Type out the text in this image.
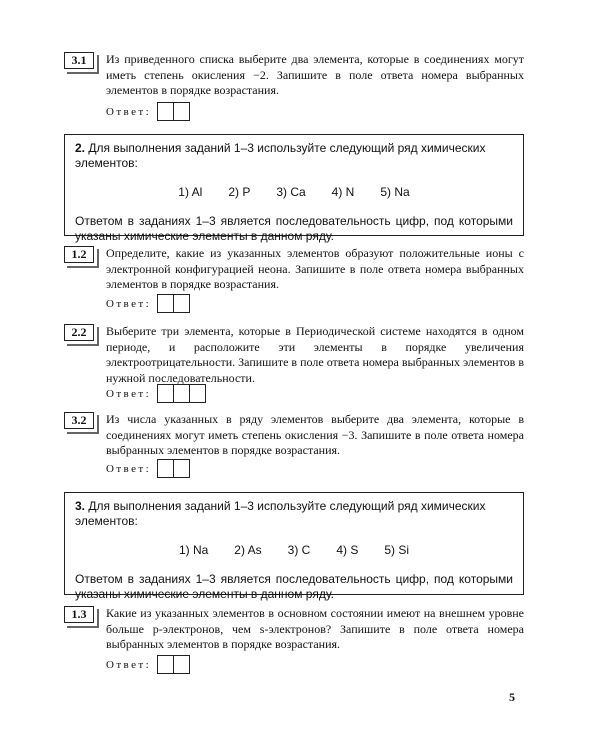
3.1	Из приведенного списка выберите два элемента, которые в соединениях могут иметь степень окисления −2. Запишите в поле ответа номера выбранных элементов в порядке возрастания.
Ответ:
2. Для выполнения заданий 1–3 используйте следующий ряд химических элементов:
1) Al 2) P 3) Ca 4) N 5) Na
Ответом в заданиях 1–3 является последовательность цифр, под которыми указаны химические элементы в данном ряду.
1.2	Определите, какие из указанных элементов образуют положительные ионы с электронной конфигурацией неона. Запишите в поле ответа номера выбранных элементов в порядке возрастания.
Ответ:
2.2	Выберите три элемента, которые в Периодической системе находятся в одном периоде, и расположите эти элементы в порядке увеличения электроотрицательности. Запишите в поле ответа номера выбранных элементов в нужной последовательности.
Ответ:
3.2	Из числа указанных в ряду элементов выберите два элемента, которые в соединениях могут иметь степень окисления −3. Запишите в поле ответа номера выбранных элементов в порядке возрастания.
Ответ:
3. Для выполнения заданий 1–3 используйте следующий ряд химических элементов:
1) Na 2) As 3) C 4) S 5) Si
Ответом в заданиях 1–3 является последовательность цифр, под которыми указаны химические элементы в данном ряду.
1.3	Какие из указанных элементов в основном состоянии имеют на внешнем уровне больше p-электронов, чем s-электронов? Запишите в поле ответа номера выбранных элементов в порядке возрастания.
Ответ:
5
